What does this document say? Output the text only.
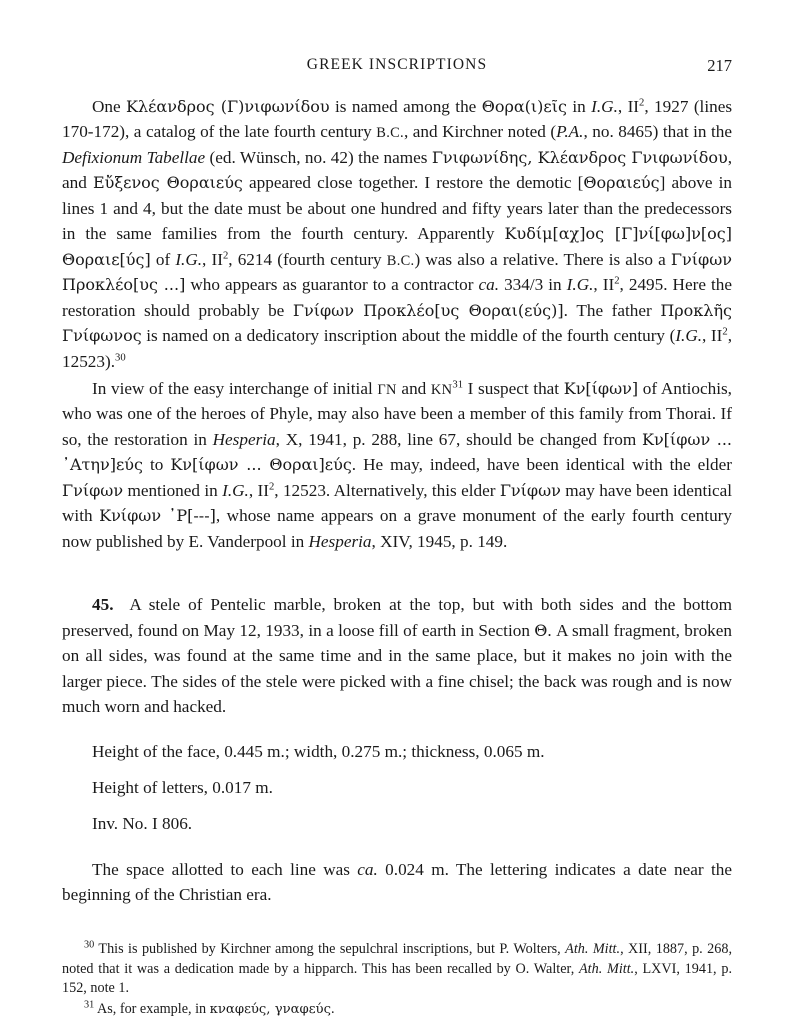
GREEK INSCRIPTIONS	217

One Κλέανδρος (Γ)νιφωνίδου is named among the Θορα(ι)εῖς in I.G., $II^2$, 1927 (lines 170-172), a catalog of the late fourth century B.C., and Kirchner noted (P.A., no. 8465) that in the Defixionum Tabellae (ed. Wünsch, no. 42) the names Γνιφωνίδης, Κλέανδρος Γνιφωνίδου, and Εὔξενος Θοραιεύς appeared close together. I restore the demotic [Θοραιεύς] above in lines 1 and 4, but the date must be about one hundred and fifty years later than the predecessors in the same families from the fourth century. Apparently Κυδίμ[αχ]ος [Γ]νί[φω]ν[ος] Θοραιε[ύς] of I.G., $II^2$, 6214 (fourth century B.C.) was also a relative. There is also a Γνίφων Προκλέο[υς ...] who appears as guarantor to a contractor ca. 334/3 in I.G., $II^2$, 2495. Here the restoration should probably be Γνίφων Προκλέο[υς Θοραι(εύς)]. The father Προκλῆς Γνίφωνος is named on a dedicatory inscription about the middle of the fourth century (I.G., $II^2$, 12523).$^{30}$

In view of the easy interchange of initial ΓΝ and ΚΝ$^{31}$ I suspect that Κν[ίφων] of Antiochis, who was one of the heroes of Phyle, may also have been a member of this family from Thorai. If so, the restoration in Hesperia, X, 1941, p. 288, line 67, should be changed from Κν[ίφων ... ᾿Ατην]εύς to Κν[ίφων ... Θοραι]εύς. He may, indeed, have been identical with the elder Γνίφων mentioned in I.G., $II^2$, 12523. Alternatively, this elder Γνίφων may have been identical with Κνίφων ᾿Ρ[---], whose name appears on a grave monument of the early fourth century now published by E. Vanderpool in Hesperia, XIV, 1945, p. 149.

45. A stele of Pentelic marble, broken at the top, but with both sides and the bottom preserved, found on May 12, 1933, in a loose fill of earth in Section Θ. A small fragment, broken on all sides, was found at the same time and in the same place, but it makes no join with the larger piece. The sides of the stele were picked with a fine chisel; the back was rough and is now much worn and hacked.

Height of the face, 0.445 m.; width, 0.275 m.; thickness, 0.065 m.

Height of letters, 0.017 m.

Inv. No. I 806.

The space allotted to each line was ca. 0.024 m. The lettering indicates a date near the beginning of the Christian era.

$^{30}$ This is published by Kirchner among the sepulchral inscriptions, but P. Wolters, Ath. Mitt., XII, 1887, p. 268, noted that it was a dedication made by a hipparch. This has been recalled by O. Walter, Ath. Mitt., LXVI, 1941, p. 152, note 1.

$^{31}$ As, for example, in κναφεύς, γναφεύς.
